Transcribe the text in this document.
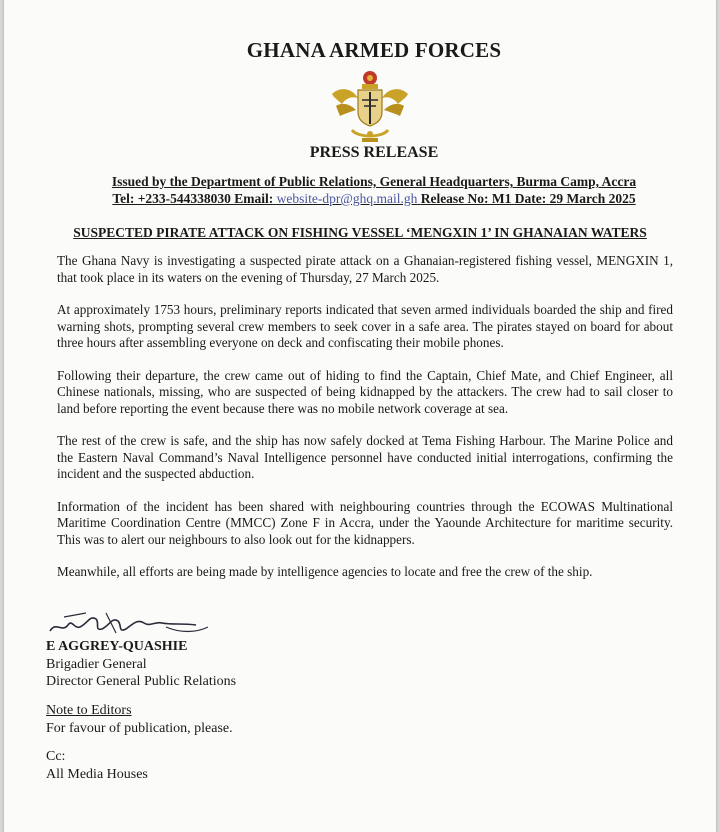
GHANA ARMED FORCES
PRESS RELEASE
Issued by the Department of Public Relations, General Headquarters, Burma Camp, Accra
Tel: +233-544338030 Email: website-dpr@ghq.mail.gh Release No: M1 Date: 29 March 2025
SUSPECTED PIRATE ATTACK ON FISHING VESSEL ‘MENGXIN 1’ IN GHANAIAN WATERS

The Ghana Navy is investigating a suspected pirate attack on a Ghanaian-registered fishing vessel, MENGXIN 1, that took place in its waters on the evening of Thursday, 27 March 2025.

At approximately 1753 hours, preliminary reports indicated that seven armed individuals boarded the ship and fired warning shots, prompting several crew members to seek cover in a safe area. The pirates stayed on board for about three hours after assembling everyone on deck and confiscating their mobile phones.

Following their departure, the crew came out of hiding to find the Captain, Chief Mate, and Chief Engineer, all Chinese nationals, missing, who are suspected of being kidnapped by the attackers. The crew had to sail closer to land before reporting the event because there was no mobile network coverage at sea.

The rest of the crew is safe, and the ship has now safely docked at Tema Fishing Harbour. The Marine Police and the Eastern Naval Command’s Naval Intelligence personnel have conducted initial interrogations, confirming the incident and the suspected abduction.

Information of the incident has been shared with neighbouring countries through the ECOWAS Multinational Maritime Coordination Centre (MMCC) Zone F in Accra, under the Yaounde Architecture for maritime security. This was to alert our neighbours to also look out for the kidnappers.

Meanwhile, all efforts are being made by intelligence agencies to locate and free the crew of the ship.

E AGGREY-QUASHIE
Brigadier General
Director General Public Relations
Note to Editors
For favour of publication, please.
Cc:
All Media Houses
